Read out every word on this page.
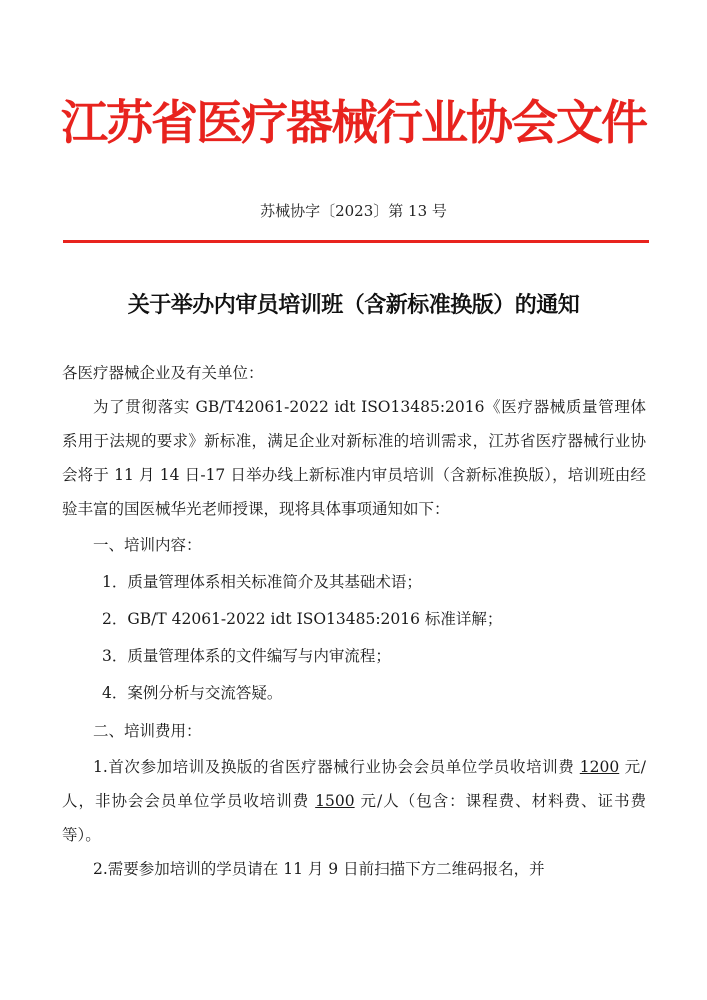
江苏省医疗器械行业协会文件
苏械协字〔2023〕第 13 号
关于举办内审员培训班（含新标准换版）的通知

各医疗器械企业及有关单位：

为了贯彻落实 GB/T42061-2022 idt ISO13485:2016《医疗器械质量管理体系用于法规的要求》新标准，满足企业对新标准的培训需求，江苏省医疗器械行业协会将于 11 月 14 日-17 日举办线上新标准内审员培训（含新标准换版），培训班由经验丰富的国医械华光老师授课，现将具体事项通知如下：

一、培训内容：

1．质量管理体系相关标准简介及其基础术语；
2．GB/T 42061-2022 idt ISO13485:2016 标准详解；
3．质量管理体系的文件编写与内审流程；
4．案例分析与交流答疑。

二、培训费用：

1.首次参加培训及换版的省医疗器械行业协会会员单位学员收培训费 1200 元/人，非协会会员单位学员收培训费 1500 元/人（包含：课程费、材料费、证书费等）。

2.需要参加培训的学员请在 11 月 9 日前扫描下方二维码报名，并
